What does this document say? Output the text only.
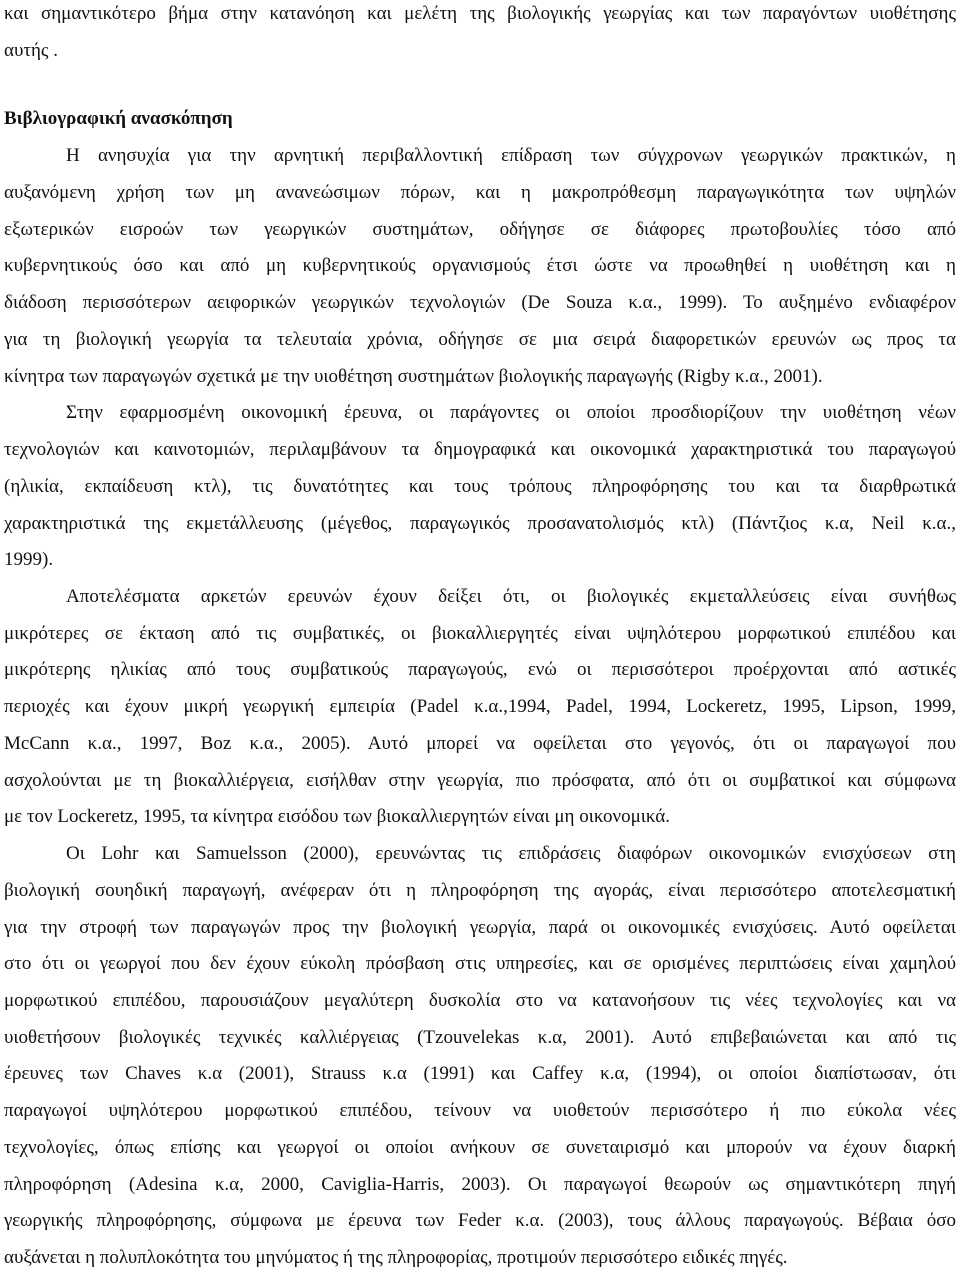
και σημαντικότερο βήμα στην κατανόηση και μελέτη της βιολογικής γεωργίας και των παραγόντων υιοθέτησης
αυτής .
Βιβλιογραφική ανασκόπηση
Η ανησυχία για την αρνητική περιβαλλοντική επίδραση των σύγχρονων γεωργικών πρακτικών, η
αυξανόμενη χρήση των μη ανανεώσιμων πόρων, και η μακροπρόθεσμη παραγωγικότητα των υψηλών
εξωτερικών εισροών των γεωργικών συστημάτων, οδήγησε σε διάφορες πρωτοβουλίες τόσο από
κυβερνητικούς όσο και από μη κυβερνητικούς οργανισμούς έτσι ώστε να προωθηθεί η υιοθέτηση και η
διάδοση περισσότερων αειφορικών γεωργικών τεχνολογιών (De Souza κ.α., 1999). Το αυξημένο ενδιαφέρον
για τη βιολογική γεωργία τα τελευταία χρόνια, οδήγησε σε μια σειρά διαφορετικών ερευνών ως προς τα
κίνητρα των παραγωγών σχετικά με την υιοθέτηση συστημάτων βιολογικής παραγωγής (Rigby κ.α., 2001).
Στην εφαρμοσμένη οικονομική έρευνα, οι παράγοντες οι οποίοι προσδιορίζουν την υιοθέτηση νέων
τεχνολογιών και καινοτομιών, περιλαμβάνουν τα δημογραφικά και οικονομικά χαρακτηριστικά του παραγωγού
(ηλικία, εκπαίδευση κτλ), τις δυνατότητες και τους τρόπους πληροφόρησης του και τα διαρθρωτικά
χαρακτηριστικά της εκμετάλλευσης (μέγεθος, παραγωγικός προσανατολισμός κτλ) (Πάντζιος κ.α, Neil κ.α.,
1999).
Αποτελέσματα αρκετών ερευνών έχουν δείξει ότι, οι βιολογικές εκμεταλλεύσεις είναι συνήθως
μικρότερες σε έκταση από τις συμβατικές, οι βιοκαλλιεργητές είναι υψηλότερου μορφωτικού επιπέδου και
μικρότερης ηλικίας από τους συμβατικούς παραγωγούς, ενώ οι περισσότεροι προέρχονται από αστικές
περιοχές και έχουν μικρή γεωργική εμπειρία (Padel κ.α.,1994, Padel, 1994, Lockeretz, 1995, Lipson, 1999,
McCann κ.α., 1997, Boz κ.α., 2005). Αυτό μπορεί να οφείλεται στο γεγονός, ότι οι παραγωγοί που
ασχολούνται με τη βιοκαλλιέργεια, εισήλθαν στην γεωργία, πιο πρόσφατα, από ότι οι συμβατικοί και σύμφωνα
με τον Lockeretz, 1995, τα κίνητρα εισόδου των βιοκαλλιεργητών είναι μη οικονομικά.
Οι Lohr και Samuelsson (2000), ερευνώντας τις επιδράσεις διαφόρων οικονομικών ενισχύσεων στη
βιολογική σουηδική παραγωγή, ανέφεραν ότι η πληροφόρηση της αγοράς, είναι περισσότερο αποτελεσματική
για την στροφή των παραγωγών προς την βιολογική γεωργία, παρά οι οικονομικές ενισχύσεις. Αυτό οφείλεται
στο ότι οι γεωργοί που δεν έχουν εύκολη πρόσβαση στις υπηρεσίες, και σε ορισμένες περιπτώσεις είναι χαμηλού
μορφωτικού επιπέδου, παρουσιάζουν μεγαλύτερη δυσκολία στο να κατανοήσουν τις νέες τεχνολογίες και να
υιοθετήσουν βιολογικές τεχνικές καλλιέργειας (Tzouvelekas κ.α, 2001). Αυτό επιβεβαιώνεται και από τις
έρευνες των Chaves κ.α (2001), Strauss κ.α (1991) και Caffey κ.α, (1994), οι οποίοι διαπίστωσαν, ότι
παραγωγοί υψηλότερου μορφωτικού επιπέδου, τείνουν να υιοθετούν περισσότερο ή πιο εύκολα νέες
τεχνολογίες, όπως επίσης και γεωργοί οι οποίοι ανήκουν σε συνεταιρισμό και μπορούν να έχουν διαρκή
πληροφόρηση (Adesina κ.α, 2000, Caviglia-Harris, 2003). Οι παραγωγοί θεωρούν ως σημαντικότερη πηγή
γεωργικής πληροφόρησης, σύμφωνα με έρευνα των Feder κ.α. (2003), τους άλλους παραγωγούς. Βέβαια όσο
αυξάνεται η πολυπλοκότητα του μηνύματος ή της πληροφορίας, προτιμούν περισσότερο ειδικές πηγές.
